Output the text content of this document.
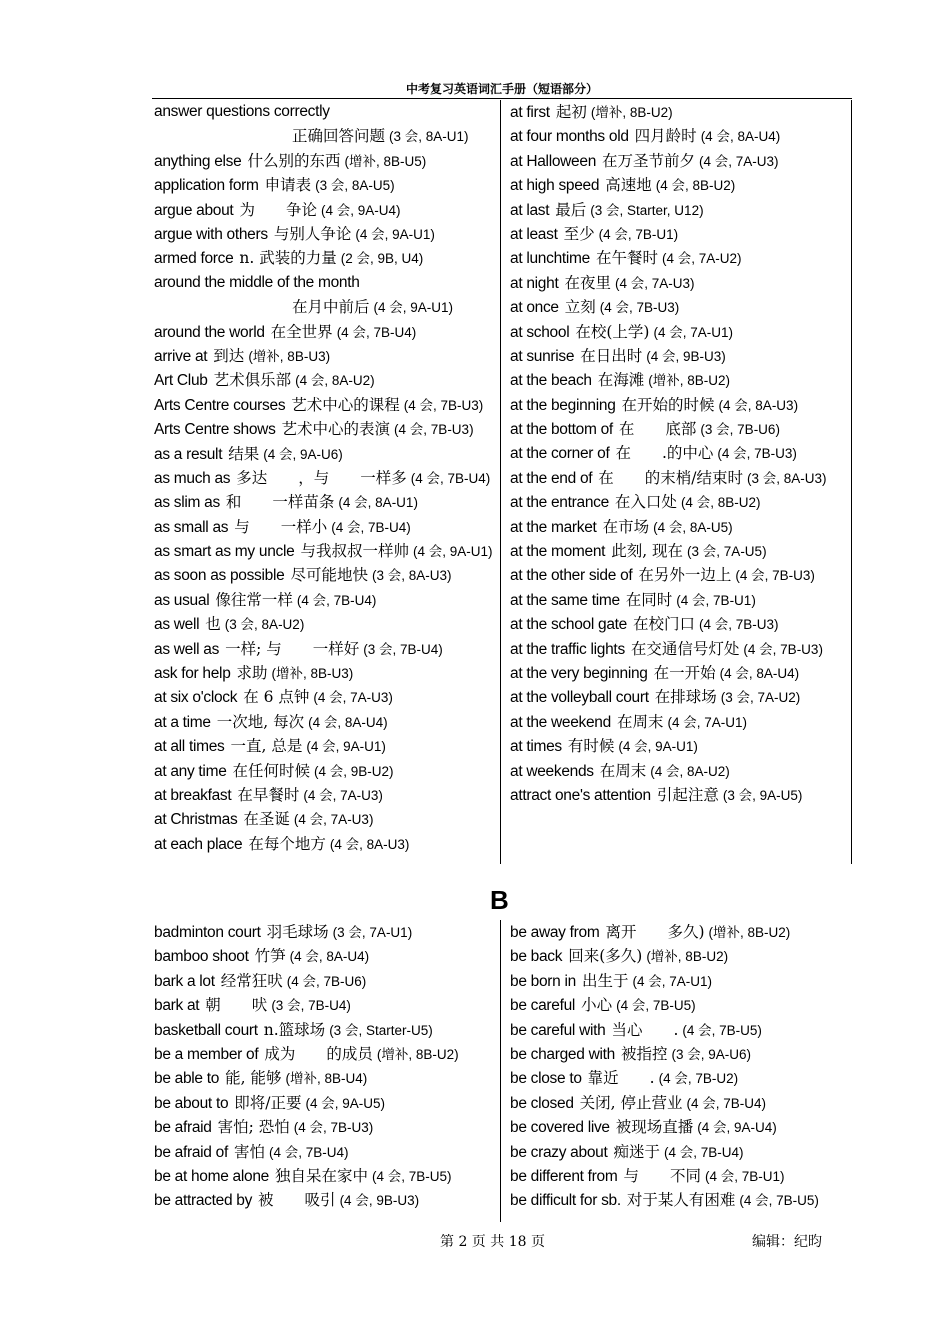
中考复习英语词汇手册（短语部分）
answer questions correctly
正确回答问题 (3 会, 8A-U1)
anything else 什么别的东西 (增补, 8B-U5)
application form 申请表 (3 会, 8A-U5)
argue about 为　　争论 (4 会, 9A-U4)
argue with others 与别人争论 (4 会, 9A-U1)
armed force n. 武装的力量 (2 会, 9B, U4)
around the middle of the month
在月中前后 (4 会, 9A-U1)
around the world 在全世界 (4 会, 7B-U4)
arrive at 到达 (增补, 8B-U3)
Art Club 艺术俱乐部 (4 会, 8A-U2)
Arts Centre courses 艺术中心的课程 (4 会, 7B-U3)
Arts Centre shows 艺术中心的表演 (4 会, 7B-U3)
as a result 结果 (4 会, 9A-U6)
as much as 多达　　，与　　一样多 (4 会, 7B-U4)
as slim as 和　　一样苗条 (4 会, 8A-U1)
as small as 与　　一样小 (4 会, 7B-U4)
as smart as my uncle 与我叔叔一样帅 (4 会, 9A-U1)
as soon as possible 尽可能地快 (3 会, 8A-U3)
as usual 像往常一样 (4 会, 7B-U4)
as well 也 (3 会, 8A-U2)
as well as 一样; 与　　一样好 (3 会, 7B-U4)
ask for help 求助 (增补, 8B-U3)
at six o'clock 在 6 点钟 (4 会, 7A-U3)
at a time 一次地, 每次 (4 会, 8A-U4)
at all times 一直, 总是 (4 会, 9A-U1)
at any time 在任何时候 (4 会, 9B-U2)
at breakfast 在早餐时 (4 会, 7A-U3)
at Christmas 在圣诞 (4 会, 7A-U3)
at each place 在每个地方 (4 会, 8A-U3)
at first 起初 (增补, 8B-U2)
at four months old 四月龄时 (4 会, 8A-U4)
at Halloween 在万圣节前夕 (4 会, 7A-U3)
at high speed 高速地 (4 会, 8B-U2)
at last 最后 (3 会, Starter, U12)
at least 至少 (4 会, 7B-U1)
at lunchtime 在午餐时 (4 会, 7A-U2)
at night 在夜里 (4 会, 7A-U3)
at once 立刻 (4 会, 7B-U3)
at school 在校(上学) (4 会, 7A-U1)
at sunrise 在日出时 (4 会, 9B-U3)
at the beach 在海滩 (增补, 8B-U2)
at the beginning 在开始的时候 (4 会, 8A-U3)
at the bottom of 在　　底部 (3 会, 7B-U6)
at the corner of 在　　.的中心 (4 会, 7B-U3)
at the end of 在　　的末梢/结束时 (3 会, 8A-U3)
at the entrance 在入口处 (4 会, 8B-U2)
at the market 在市场 (4 会, 8A-U5)
at the moment 此刻, 现在 (3 会, 7A-U5)
at the other side of 在另外一边上 (4 会, 7B-U3)
at the same time 在同时 (4 会, 7B-U1)
at the school gate 在校门口 (4 会, 7B-U3)
at the traffic lights 在交通信号灯处 (4 会, 7B-U3)
at the very beginning 在一开始 (4 会, 8A-U4)
at the volleyball court 在排球场 (3 会, 7A-U2)
at the weekend 在周末 (4 会, 7A-U1)
at times 有时候 (4 会, 9A-U1)
at weekends 在周末 (4 会, 8A-U2)
attract one's attention 引起注意 (3 会, 9A-U5)
B
badminton court 羽毛球场 (3 会, 7A-U1)
bamboo shoot 竹笋 (4 会, 8A-U4)
bark a lot 经常狂吠 (4 会, 7B-U6)
bark at 朝　　吠 (3 会, 7B-U4)
basketball court n.篮球场 (3 会, Starter-U5)
be a member of 成为　　的成员 (增补, 8B-U2)
be able to 能, 能够 (增补, 8B-U4)
be about to 即将/正要 (4 会, 9A-U5)
be afraid 害怕; 恐怕 (4 会, 7B-U3)
be afraid of 害怕 (4 会, 7B-U4)
be at home alone 独自呆在家中 (4 会, 7B-U5)
be attracted by 被　　吸引 (4 会, 9B-U3)
be away from 离开　　多久) (增补, 8B-U2)
be back 回来(多久) (增补, 8B-U2)
be born in 出生于 (4 会, 7A-U1)
be careful 小心 (4 会, 7B-U5)
be careful with 当心　　. (4 会, 7B-U5)
be charged with 被指控 (3 会, 9A-U6)
be close to 靠近　　. (4 会, 7B-U2)
be closed 关闭, 停止营业 (4 会, 7B-U4)
be covered live 被现场直播 (4 会, 9A-U4)
be crazy about 痴迷于 (4 会, 7B-U4)
be different from 与　　不同 (4 会, 7B-U1)
be difficult for sb. 对于某人有困难 (4 会, 7B-U5)
第 2 页 共 18 页	编辑：纪昀
